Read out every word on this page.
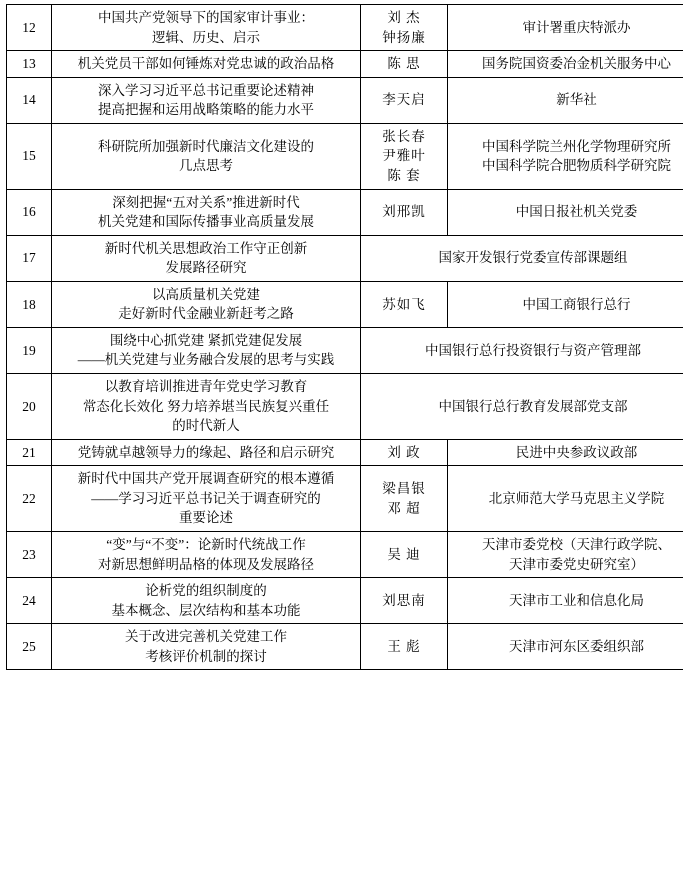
12	中国共产党领导下的国家审计事业：
逻辑、历史、启示	刘 杰
钟扬廉	审计署重庆特派办

13	机关党员干部如何锤炼对党忠诚的政治品格	陈 思	国务院国资委冶金机关服务中心

14	深入学习习近平总书记重要论述精神
提高把握和运用战略策略的能力水平	李天启	新华社

15	科研院所加强新时代廉洁文化建设的
几点思考	张长春
尹雅叶
陈 套	中国科学院兰州化学物理研究所
中国科学院合肥物质科学研究院

16	深刻把握“五对关系”推进新时代
机关党建和国际传播事业高质量发展	刘邢凯	中国日报社机关党委

17	新时代机关思想政治工作守正创新
发展路径研究	国家开发银行党委宣传部课题组	

18	以高质量机关党建
走好新时代金融业新赶考之路	苏如飞	中国工商银行总行

19	围绕中心抓党建 紧抓党建促发展
——机关党建与业务融合发展的思考与实践	中国银行总行投资银行与资产管理部	

20	以教育培训推进青年党史学习教育
常态化长效化 努力培养堪当民族复兴重任
的时代新人	中国银行总行教育发展部党支部	

21	党铸就卓越领导力的缘起、路径和启示研究	刘 政	民进中央参政议政部

22	新时代中国共产党开展调查研究的根本遵循
——学习习近平总书记关于调查研究的
重要论述	梁昌银
邓 超	北京师范大学马克思主义学院

23	“变”与“不变”：论新时代统战工作
对新思想鲜明品格的体现及发展路径	吴 迪	天津市委党校（天津行政学院、
天津市委党史研究室）

24	论析党的组织制度的
基本概念、层次结构和基本功能	刘思南	天津市工业和信息化局

25	关于改进完善机关党建工作
考核评价机制的探讨	王 彪	天津市河东区委组织部
